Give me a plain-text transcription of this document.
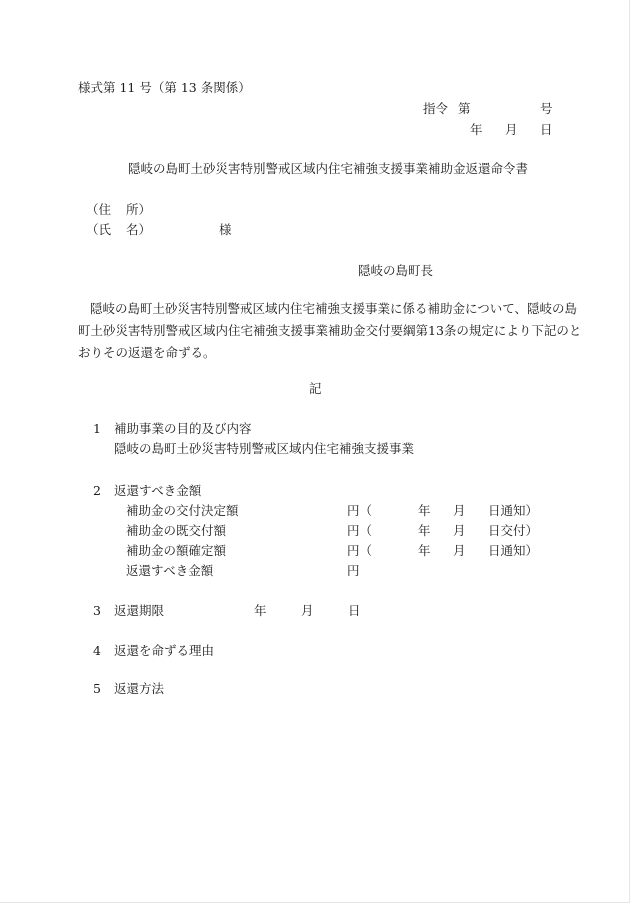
様式第 11 号（第 13 条関係）
指令 第	号
年 月 日
隠岐の島町土砂災害特別警戒区域内住宅補強支援事業補助金返還命令書
（住 所）
（氏 名）	様
隠岐の島町長
隠岐の島町土砂災害特別警戒区域内住宅補強支援事業に係る補助金について、隠岐の島
町土砂災害特別警戒区域内住宅補強支援事業補助金交付要綱第13条の規定により下記のと
おりその返還を命ずる。
記
1 補助事業の目的及び内容
隠岐の島町土砂災害特別警戒区域内住宅補強支援事業
2 返還すべき金額
補助金の交付決定額	円（	年 月 日通知）
補助金の既交付額	円（	年 月 日交付）
補助金の額確定額	円（	年 月 日通知）
返還すべき金額	円
3 返還期限	年	月	日
4 返還を命ずる理由
5 返還方法
